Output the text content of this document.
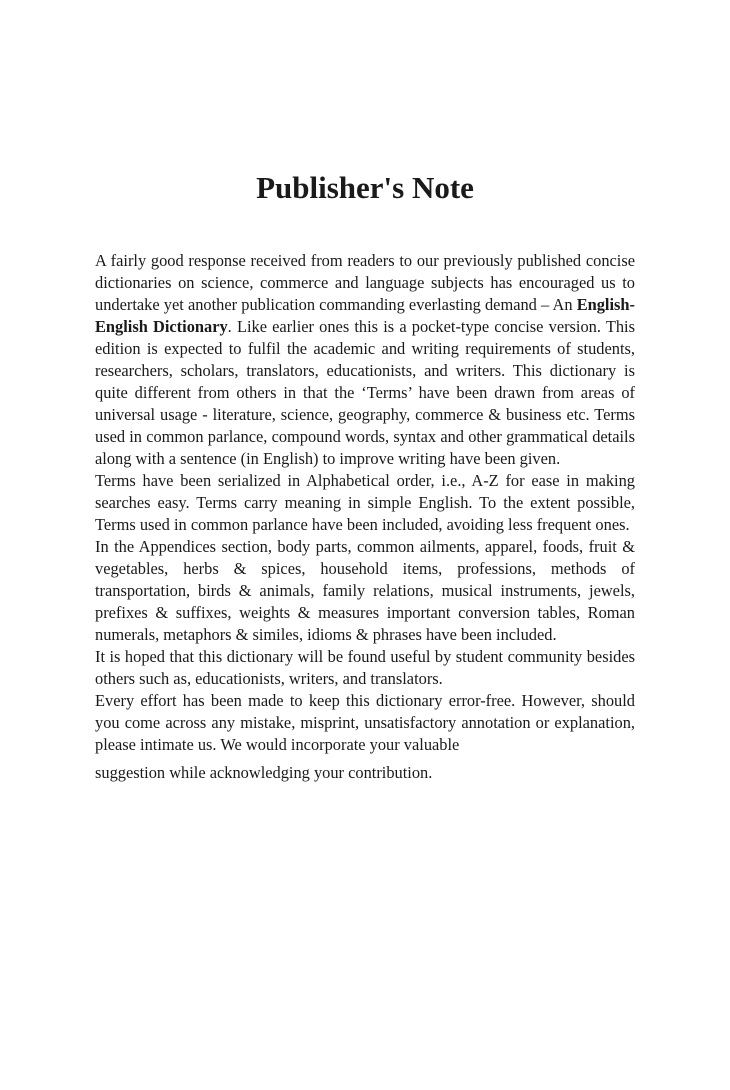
Publisher's Note

A fairly good response received from readers to our previously published concise dictionaries on science, commerce and language subjects has encouraged us to undertake yet another publication commanding everlasting demand – An English-English Dictionary. Like earlier ones this is a pocket-type concise version. This edition is expected to fulfil the academic and writing requirements of students, researchers, scholars, translators, educationists, and writers. This dictionary is quite different from others in that the ‘Terms’ have been drawn from areas of universal usage - literature, science, geography, commerce & business etc. Terms used in common parlance, compound words, syntax and other grammatical details along with a sentence (in English) to improve writing have been given.

Terms have been serialized in Alphabetical order, i.e., A-Z for ease in making searches easy. Terms carry meaning in simple English. To the extent possible, Terms used in common parlance have been included, avoiding less frequent ones.

In the Appendices section, body parts, common ailments, apparel, foods, fruit & vegetables, herbs & spices, household items, professions, methods of transportation, birds & animals, family relations, musical instruments, jewels, prefixes & suffixes, weights & measures important conversion tables, Roman numerals, metaphors & similes, idioms & phrases have been included.

It is hoped that this dictionary will be found useful by student community besides others such as, educationists, writers, and translators.

Every effort has been made to keep this dictionary error-free. However, should you come across any mistake, misprint, unsatisfactory annotation or explanation, please intimate us. We would incorporate your valuable

suggestion while acknowledging your contribution.
